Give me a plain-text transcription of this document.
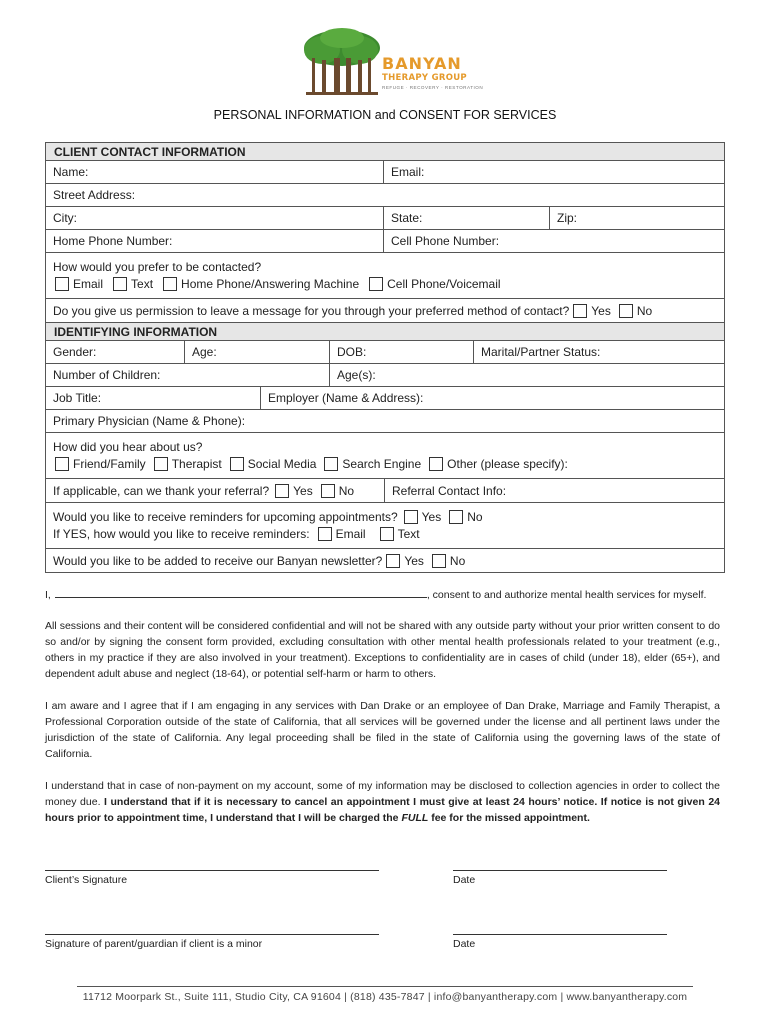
BANYAN
THERAPY GROUP
REFUGE · RECOVERY · RESTORATION
PERSONAL INFORMATION and CONSENT FOR SERVICES
CLIENT CONTACT INFORMATION
Name:	Email:
Street Address:
City:	State:	Zip:
Home Phone Number:	Cell Phone Number:
How would you prefer to be contacted?
Email Text Home Phone/Answering Machine Cell Phone/Voicemail
Do you give us permission to leave a message for you through your preferred method of contact? Yes No
IDENTIFYING INFORMATION
Gender:	Age:	DOB:	Marital/Partner Status:
Number of Children:	Age(s):
Job Title:	Employer (Name & Address):
Primary Physician (Name & Phone):
How did you hear about us?
Friend/Family Therapist Social Media Search Engine Other (please specify):
If applicable, can we thank your referral? Yes No	Referral Contact Info:
Would you like to receive reminders for upcoming appointments? Yes No
If YES, how would you like to receive reminders: Email	Text
Would you like to be added to receive our Banyan newsletter? Yes No
I,	, consent to and authorize mental health services for myself.
All sessions and their content will be considered confidential and will not be shared with any outside party without your prior written consent to do so and/or by signing the consent form provided, excluding consultation with other mental health professionals related to your treatment (e.g., others in my practice if they are also involved in your treatment). Exceptions to confidentiality are in cases of child (under 18), elder (65+), and dependent adult abuse and neglect (18-64), or potential self-harm or harm to others.
I am aware and I agree that if I am engaging in any services with Dan Drake or an employee of Dan Drake, Marriage and Family Therapist, a Professional Corporation outside of the state of California, that all services will be governed under the license and all pertinent laws under the jurisdiction of the state of California. Any legal proceeding shall be filed in the state of California using the governing laws of the state of California.
I understand that in case of non-payment on my account, some of my information may be disclosed to collection agencies in order to collect the money due. I understand that if it is necessary to cancel an appointment I must give at least 24 hours’ notice. If notice is not given 24 hours prior to appointment time, I understand that I will be charged the FULL fee for the missed appointment.
Client’s Signature	Date
Signature of parent/guardian if client is a minor	Date
11712 Moorpark St., Suite 111, Studio City, CA 91604 | (818) 435-7847 | info@banyantherapy.com | www.banyantherapy.com
